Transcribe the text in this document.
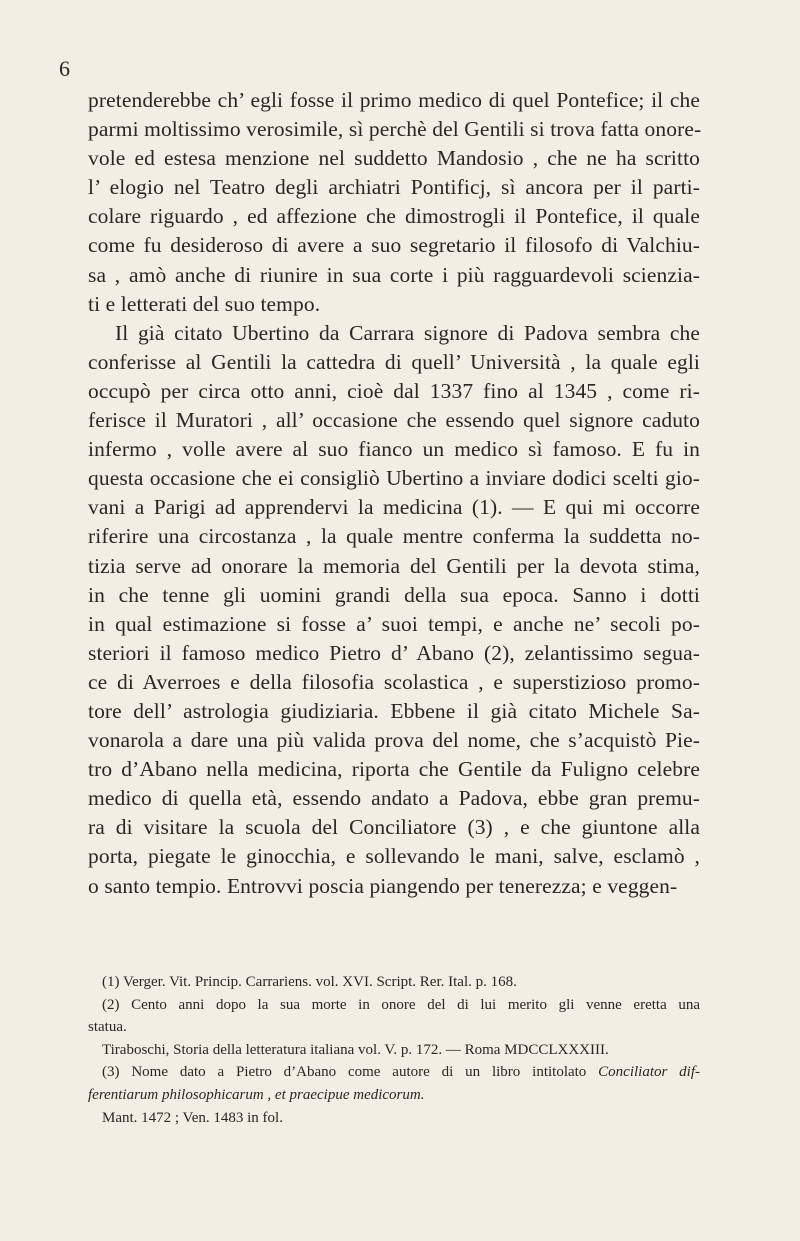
6
pretenderebbe ch’ egli fosse il primo medico di quel Pontefice; il che
parmi moltissimo verosimile, sì perchè del Gentili si trova fatta onore-
vole ed estesa menzione nel suddetto Mandosio , che ne ha scritto
l’ elogio nel Teatro degli archiatri Pontificj, sì ancora per il parti-
colare riguardo , ed affezione che dimostrogli il Pontefice, il quale
come fu desideroso di avere a suo segretario il filosofo di Valchiu-
sa , amò anche di riunire in sua corte i più ragguardevoli scienzia-
ti e letterati del suo tempo.
Il già citato Ubertino da Carrara signore di Padova sembra che
conferisse al Gentili la cattedra di quell’ Università , la quale egli
occupò per circa otto anni, cioè dal 1337 fino al 1345 , come ri-
ferisce il Muratori , all’ occasione che essendo quel signore caduto
infermo , volle avere al suo fianco un medico sì famoso. E fu in
questa occasione che ei consigliò Ubertino a inviare dodici scelti gio-
vani a Parigi ad apprendervi la medicina (1). — E qui mi occorre
riferire una circostanza , la quale mentre conferma la suddetta no-
tizia serve ad onorare la memoria del Gentili per la devota stima,
in che tenne gli uomini grandi della sua epoca. Sanno i dotti
in qual estimazione si fosse a’ suoi tempi, e anche ne’ secoli po-
steriori il famoso medico Pietro d’ Abano (2), zelantissimo segua-
ce di Averroes e della filosofia scolastica , e superstizioso promo-
tore dell’ astrologia giudiziaria. Ebbene il già citato Michele Sa-
vonarola a dare una più valida prova del nome, che s’acquistò Pie-
tro d’Abano nella medicina, riporta che Gentile da Fuligno celebre
medico di quella età, essendo andato a Padova, ebbe gran premu-
ra di visitare la scuola del Conciliatore (3) , e che giuntone alla
porta, piegate le ginocchia, e sollevando le mani, salve, esclamò ,
o santo tempio. Entrovvi poscia piangendo per tenerezza; e veggen-
(1) Verger. Vit. Princip. Carrariens. vol. XVI. Script. Rer. Ital. p. 168.
(2) Cento anni dopo la sua morte in onore del di lui merito gli venne eretta una
statua.
Tiraboschi, Storia della letteratura italiana vol. V. p. 172. — Roma MDCCLXXXIII.
(3) Nome dato a Pietro d’Abano come autore di un libro intitolato Conciliator dif-
ferentiarum philosophicarum , et praecipue medicorum.
Mant. 1472 ; Ven. 1483 in fol.
